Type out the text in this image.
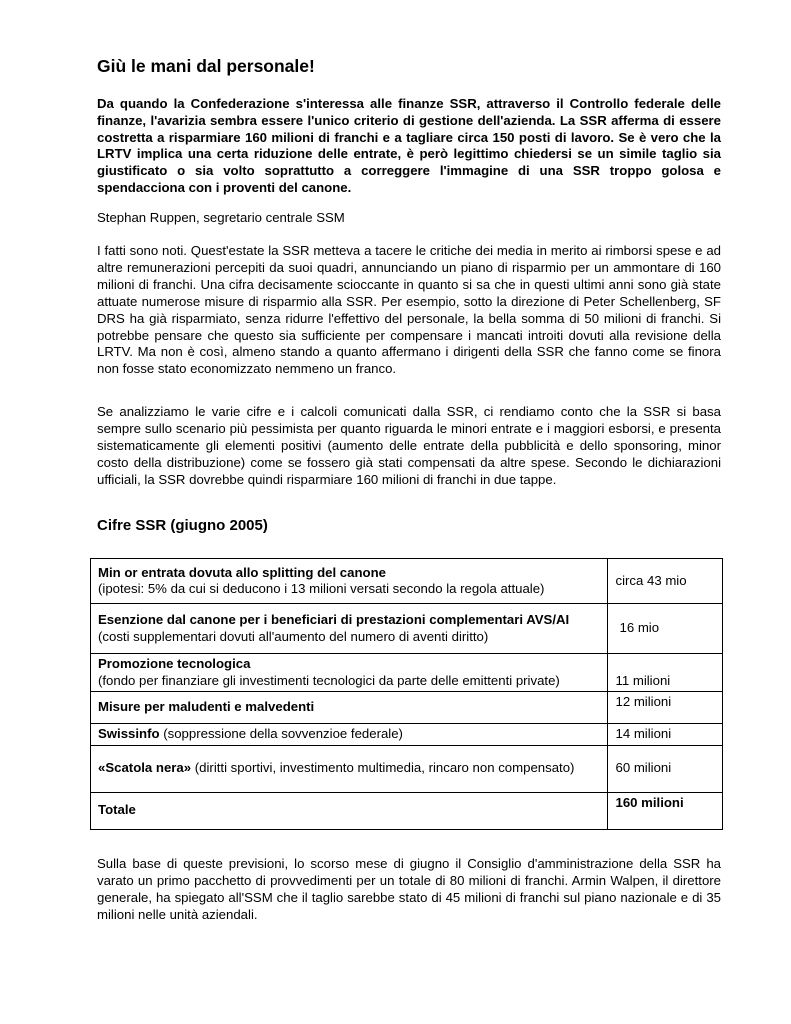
Giù le mani dal personale!

Da quando la Confederazione s'interessa alle finanze SSR, attraverso il Controllo federale delle finanze, l'avarizia sembra essere l'unico criterio di gestione dell'azienda. La SSR afferma di essere costretta a risparmiare 160 milioni di franchi e a tagliare circa 150 posti di lavoro. Se è vero che la LRTV implica una certa riduzione delle entrate, è però legittimo chiedersi se un simile taglio sia giustificato o sia volto soprattutto a correggere l'immagine di una SSR troppo golosa e spendacciona con i proventi del canone.

Stephan Ruppen, segretario centrale SSM

I fatti sono noti. Quest'estate la SSR metteva a tacere le critiche dei media in merito ai rimborsi spese e ad altre remunerazioni percepiti da suoi quadri, annunciando un piano di risparmio per un ammontare di 160 milioni di franchi. Una cifra decisamente scioccante in quanto si sa che in questi ultimi anni sono già state attuate numerose misure di risparmio alla SSR. Per esempio, sotto la direzione di Peter Schellenberg, SF DRS ha già risparmiato, senza ridurre l'effettivo del personale, la bella somma di 50 milioni di franchi. Si potrebbe pensare che questo sia sufficiente per compensare i mancati introiti dovuti alla revisione della LRTV. Ma non è così, almeno stando a quanto affermano i dirigenti della SSR che fanno come se finora non fosse stato economizzato nemmeno un franco.

Se analizziamo le varie cifre e i calcoli comunicati dalla SSR, ci rendiamo conto che la SSR si basa sempre sullo scenario più pessimista per quanto riguarda le minori entrate e i maggiori esborsi, e presenta sistematicamente gli elementi positivi (aumento delle entrate della pubblicità e dello sponsoring, minor costo della distribuzione) come se fossero già stati compensati da altre spese. Secondo le dichiarazioni ufficiali, la SSR dovrebbe quindi risparmiare 160 milioni di franchi in due tappe.

Cifre SSR (giugno 2005)
Min or entrata dovuta allo splitting del canone
(ipotesi: 5% da cui si deducono i 13 milioni versati secondo la regola attuale)	circa 43 mio
Esenzione dal canone per i beneficiari di prestazioni complementari AVS/AI
(costi supplementari dovuti all'aumento del numero di aventi diritto)	16 mio
Promozione tecnologica
(fondo per finanziare gli investimenti tecnologici da parte delle emittenti private)	11 milioni
Misure per maludenti e malvedenti	12 milioni
Swissinfo (soppressione della sovvenzioe federale)	14 milioni
«Scatola nera» (diritti sportivi, investimento multimedia, rincaro non compensato)	60 milioni
Totale	160 milioni

Sulla base di queste previsioni, lo scorso mese di giugno il Consiglio d'amministrazione della SSR ha varato un primo pacchetto di provvedimenti per un totale di 80 milioni di franchi. Armin Walpen, il direttore generale, ha spiegato all'SSM che il taglio sarebbe stato di 45 milioni di franchi sul piano nazionale e di 35 milioni nelle unità aziendali.
